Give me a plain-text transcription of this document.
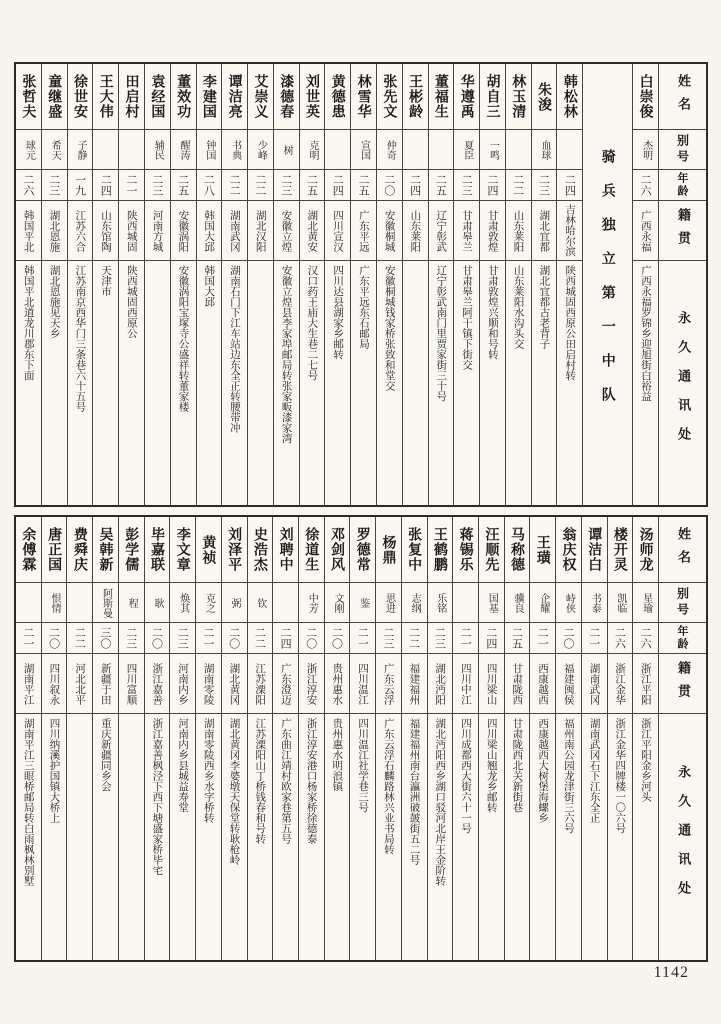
姓名
别号
年龄
籍贯
永久通讯处
白崇俊
杰明
二六
广西永福
广西永福罗锦乡迎旭街白裕益
骑兵独立第一中队
韩松林
二四
吉林哈尔滨
陕西城固西原公田启村转
朱浚
血球
二三
湖北宜都
湖北宜都古老背子
林玉清
二二
山东莱阳
山东莱阳水沟头交
胡自三
一鸣
二四
甘肃敦煌
甘肃敦煌兴顺和号转
华遵禹
夏臣
二三
甘肃皋兰
甘肃皋兰阿干镇下街交
董福生
二五
辽宁彰武
辽宁彰武南门里贾家街三十号
王彬龄
二四
山东莱阳
张先文
仲奇
二〇
安徽桐城
安徽桐城钱家桥张致和堂交
林雪华
宣国
二五
广东平远
广东平远东石邮局
黄德患
二四
四川宣汉
四川达县湖家乡邮转
刘世英
克明
二五
湖北黄安
汉口药王庙大生巷二七号
漆德春
树
二三
安徽立煌
安徽立煌县李家埠邮局转张家畈漆家湾
艾崇义
少峰
二二
湖北汉阳
谭洁亮
书典
二二
湖南武冈
湖南石门下江车站边东全正转腰带冲
李建国
钟国
二八
韩国大邱
韩国大邱
董效功
醒涛
二五
安徽涡阳
安徽涡阳宝塚寺公盛祥转董家楼
袁经国
辅民
二三
河南方城
田启村
二一
陕西城固
陕西城固西原公
王大伟
二四
山东馆陶
天津市
徐世安
子静
一九
江苏六合
江苏南京西华门三条巷六十五号
童继盛
希天
二三
湖北恩施
湖北恩施见天乡
张哲夫
球元
二六
韩国平北
韩国平北道龙川郡东下面
姓名
别号
年龄
籍贯
永久通讯处
汤师龙
星瑜
二六
浙江平阳
浙江平阳金乡河头
楼开灵
凯临
二六
浙江金华
浙江金华四牌楼一〇六号
谭洁白
书泰
二一
湖南武冈
湖南武冈石下江东全正
翁庆权
峙侠
二〇
福建闽侯
福州南公园龙津街三六号
王璜
企耀
二一
西康越西
西康越西大树堡海螺乡
马称德
骥良
二五
甘肃陇西
甘肃陇西北关新街巷
汪顺先
国基
二四
四川梁山
四川梁山翘龙乡邮转
蒋锡乐
二一
四川中江
四川成都西大街六十一号
王鹤鹏
乐铭
二三
湖北沔阳
湖北沔阳西乡湖口驳河北岸王金阶转
张复中
志纲
二二
福建福州
福建福州南台瀛洲破皷街五二号
杨鼎
思进
二三
广东云浮
广东云浮石麟路林兴业书局转
罗德常
鉴
二一
四川温江
四川温江社学巷三号
邓剑风
文刚
二〇
贵州惠水
贵州惠水明浪镇
徐道生
中芳
二〇
浙江淳安
浙江淳安港口杨家桥徐德泰
刘聘中
二四
广东澄迈
广东曲江靖村欧家巷第五号
史浩杰
钦
二二
江苏溧阳
江苏溧阳山丁桥钱春和号转
刘泽平
弼
二〇
湖北黄冈
湖北黄冈李婆墩天保堂转耿枪岭
黄祯
克之
二一
湖南零陵
湖南零陵西乡水字桥转
李文章
焕其
二三
河南内乡
河南内乡县城益寿堂
毕嘉联
耿
二〇
浙江嘉善
浙江嘉善枫泾下西下塘盛家桥毕宅
彭学儒
程
二三
四川富顺
吴韩新
阿斯曼
三〇
新疆于田
重庆新疆同乡会
费舜庆
二二
河北北平
唐正国
恨情
二〇
四川叙永
四川纳溪护国镇大桥上
余傅霖
二一
湖南平江
湖南平江三眼桥邮局转白雨枫林别墅
1142
